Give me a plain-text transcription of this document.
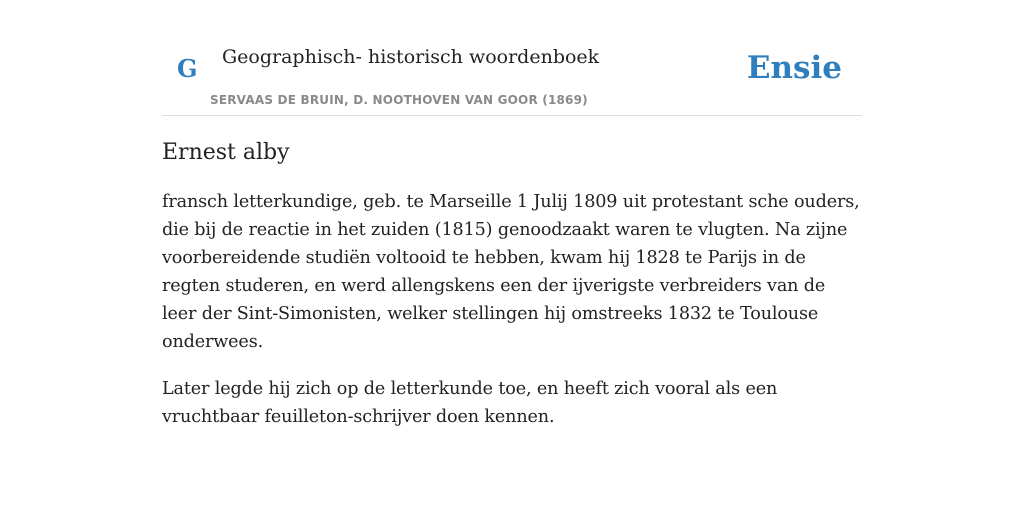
G Geographisch- historisch woordenboek
SERVAAS DE BRUIN, D. NOOTHOVEN VAN GOOR (1869)
Ensie
Ernest alby

fransch letterkundige, geb. te Marseille 1 Julij 1809 uit protestant sche ouders, die bij de reactie in het zuiden (1815) genoodzaakt waren te vlugten. Na zijne voorbereidende studiën voltooid te hebben, kwam hij 1828 te Parijs in de regten studeren, en werd allengskens een der ijverigste verbreiders van de leer der Sint-Simonisten, welker stellingen hij omstreeks 1832 te Toulouse onderwees.

Later legde hij zich op de letterkunde toe, en heeft zich vooral als een vruchtbaar feuilleton-schrijver doen kennen.
